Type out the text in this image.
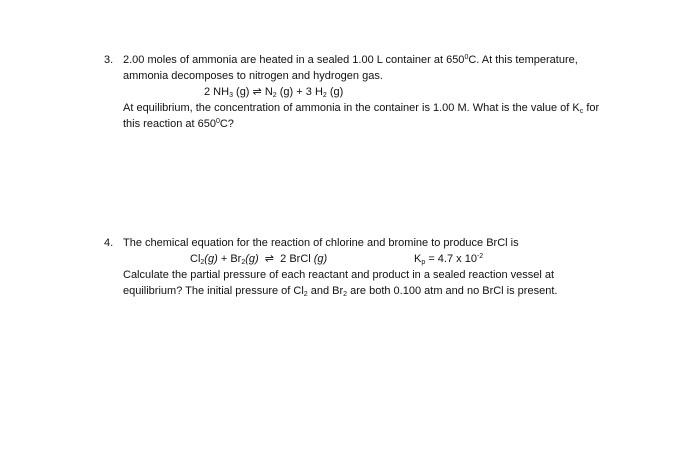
3. 2.00 moles of ammonia are heated in a sealed 1.00 L container at $650^0C$. At this temperature,
ammonia decomposes to nitrogen and hydrogen gas.
2 $NH_3$ (g) ⇌ $N_2$ (g) + 3 $H_2$ (g)
At equilibrium, the concentration of ammonia in the container is 1.00 M. What is the value of $K_c$ for
this reaction at $650^0C$?
4. The chemical equation for the reaction of chlorine and bromine to produce BrCl is
$Cl_2(g) + Br_2(g)$ ⇌ 2 BrCl (g)	$K_p = 4.7$ x $10^{-2}$
Calculate the partial pressure of each reactant and product in a sealed reaction vessel at
equilibrium? The initial pressure of $Cl_2$ and $Br_2$ are both 0.100 atm and no BrCl is present.
